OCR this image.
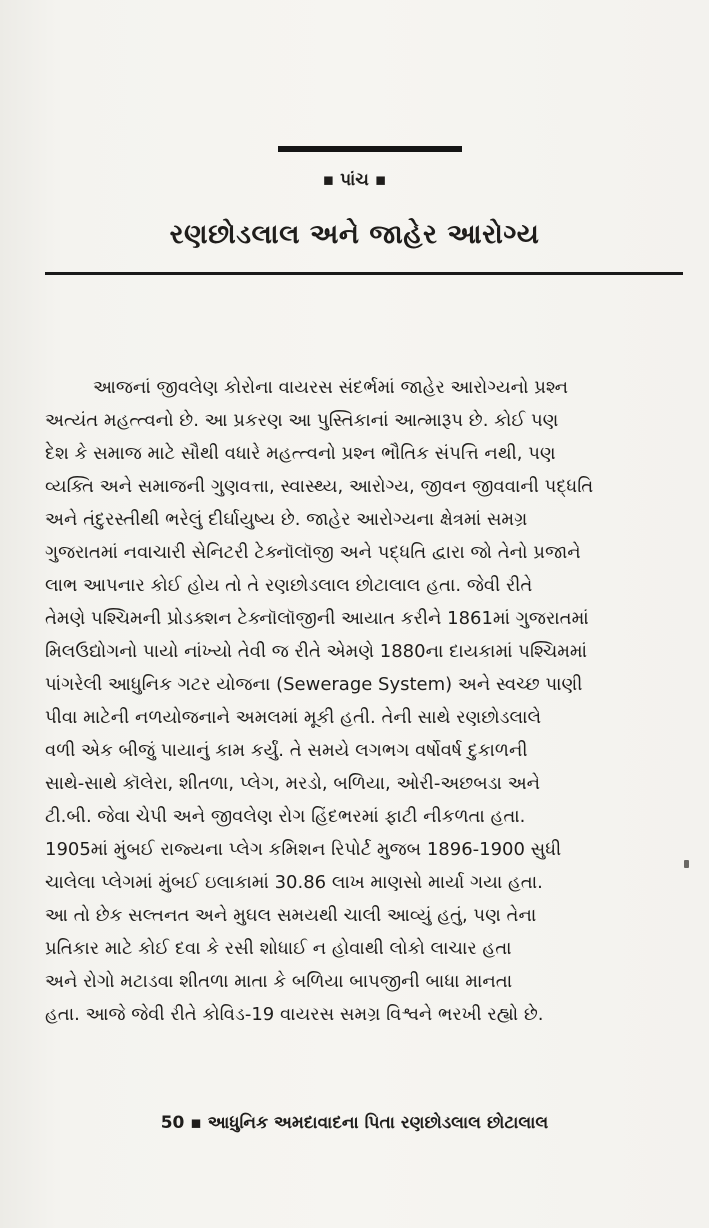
▪ પાંચ ▪
રણછોડલાલ અને જાહેર આરોગ્ય
આજનાં જીવલેણ કોરોના વાયરસ સંદર્ભમાં જાહેર આરોગ્યનો પ્રશ્ન
અત્યંત મહત્ત્વનો છે. આ પ્રકરણ આ પુસ્તિકાનાં આત્મારૂપ છે. કોઈ પણ
દેશ કે સમાજ માટે સૌથી વધારે મહત્ત્વનો પ્રશ્ન ભૌતિક સંપત્તિ નથી, પણ
વ્યક્તિ અને સમાજની ગુણવત્તા, સ્વાસ્થ્ય, આરોગ્ય, જીવન જીવવાની પદ્ધતિ
અને તંદુરસ્તીથી ભરેલું દીર્ઘાયુષ્ય છે. જાહેર આરોગ્યના ક્ષેત્રમાં સમગ્ર
ગુજરાતમાં નવાચારી સેનિટરી ટેક્નૉલૉજી અને પદ્ધતિ દ્વારા જો તેનો પ્રજાને
લાભ આપનાર કોઈ હોય તો તે રણછોડલાલ છોટાલાલ હતા. જેવી રીતે
તેમણે પશ્ચિમની પ્રોડક્શન ટેક્નૉલૉજીની આયાત કરીને 1861માં ગુજરાતમાં
મિલઉદ્યોગનો પાયો નાંખ્યો તેવી જ રીતે એમણે 1880ના દાયકામાં પશ્ચિમમાં
પાંગરેલી આધુનિક ગટર યોજના (Sewerage System) અને સ્વચ્છ પાણી
પીવા માટેની નળયોજનાને અમલમાં મૂકી હતી. તેની સાથે રણછોડલાલે
વળી એક બીજું પાયાનું કામ કર્યું. તે સમયે લગભગ વર્ષોવર્ષ દુકાળની
સાથે-સાથે કૉલેરા, શીતળા, પ્લેગ, મરડો, બળિયા, ઓરી-અછબડા અને
ટી.બી. જેવા ચેપી અને જીવલેણ રોગ હિંદભરમાં ફાટી નીકળતા હતા.
1905માં મુંબઈ રાજ્યના પ્લેગ કમિશન રિપોર્ટ મુજબ 1896-1900 સુધી
ચાલેલા પ્લેગમાં મુંબઈ ઇલાકામાં 30.86 લાખ માણસો માર્યા ગયા હતા.
આ તો છેક સલ્તનત અને મુઘલ સમયથી ચાલી આવ્યું હતું, પણ તેના
પ્રતિકાર માટે કોઈ દવા કે રસી શોધાઈ ન હોવાથી લોકો લાચાર હતા
અને રોગો મટાડવા શીતળા માતા કે બળિયા બાપજીની બાધા માનતા
હતા. આજે જેવી રીતે કોવિડ-19 વાયરસ સમગ્ર વિશ્વને ભરખી રહ્યો છે.
50 ▪ આધુનિક અમદાવાદના પિતા રણછોડલાલ છોટાલાલ
